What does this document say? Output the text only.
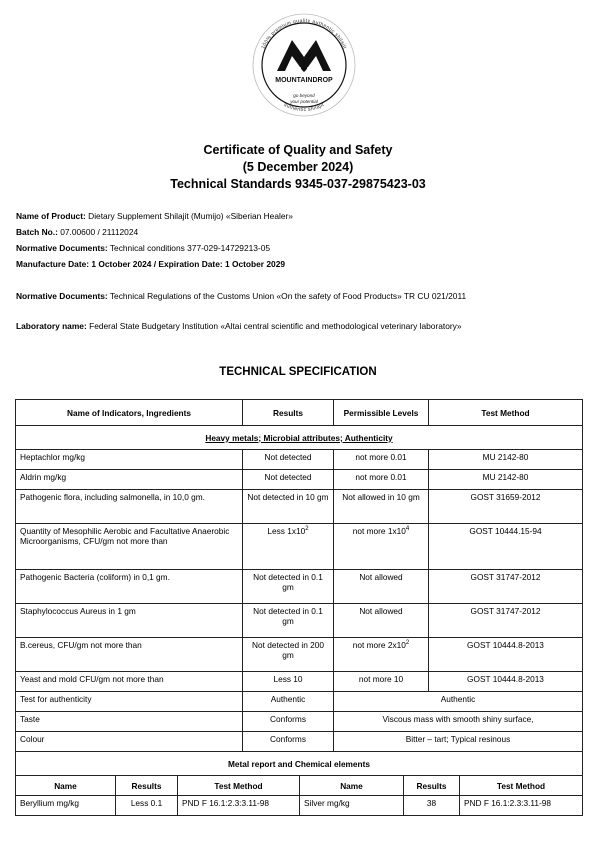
100% premium quality authentic shilajit
authentic shilajit
MOUNTAINDROP
go beyond
your potential
Certificate of Quality and Safety
(5 December 2024)
Technical Standards 9345-037-29875423-03
Name of Product: Dietary Supplement Shilajit (Mumijo) «Siberian Healer»
Batch No.: 07.00600 / 21112024
Normative Documents: Technical conditions 377-029-14729213-05
Manufacture Date: 1 October 2024 / Expiration Date: 1 October 2029
Normative Documents: Technical Regulations of the Customs Union «On the safety of Food Products» TR CU 021/2011
Laboratory name: Federal State Budgetary Institution «Altai central scientific and methodological veterinary laboratory»
TECHNICAL SPECIFICATION
Name of Indicators, Ingredients	Results	Permissible Levels	Test Method
Heavy metals; Microbial attributes; Authenticity			
Heptachlor mg/kg	Not detected	not more 0.01	MU 2142-80
Aldrin mg/kg	Not detected	not more 0.01	MU 2142-80
Pathogenic flora, including salmonella, in 10,0 gm.	Not detected in 10 gm	Not allowed in 10 gm	GOST 31659-2012
Quantity of Mesophilic Aerobic and Facultative Anaerobic Microorganisms, CFU/gm not more than	Less $1x10^2$	not more $1x10^4$	GOST 10444.15-94
Pathogenic Bacteria (coliform) in 0,1 gm.	Not detected in 0.1 gm	Not allowed	GOST 31747-2012
Staphylococcus Aureus in 1 gm	Not detected in 0.1 gm	Not allowed	GOST 31747-2012
B.cereus, CFU/gm not more than	Not detected in 200 gm	not more $2x10^2$	GOST 10444.8-2013
Yeast and mold CFU/gm not more than	Less 10	not more 10	GOST 10444.8-2013
Test for authenticity	Authentic	Authentic	
Taste	Conforms	Viscous mass with smooth shiny surface,	
Colour	Conforms	Bitter – tart; Typical resinous	
Metal report and Chemical elements			
Name	Results	Test Method	Name	Results	Test Method
Beryllium mg/kg	Less 0.1	PND F 16.1:2.3:3.11-98	Silver mg/kg	38	PND F 16.1:2.3:3.11-98
